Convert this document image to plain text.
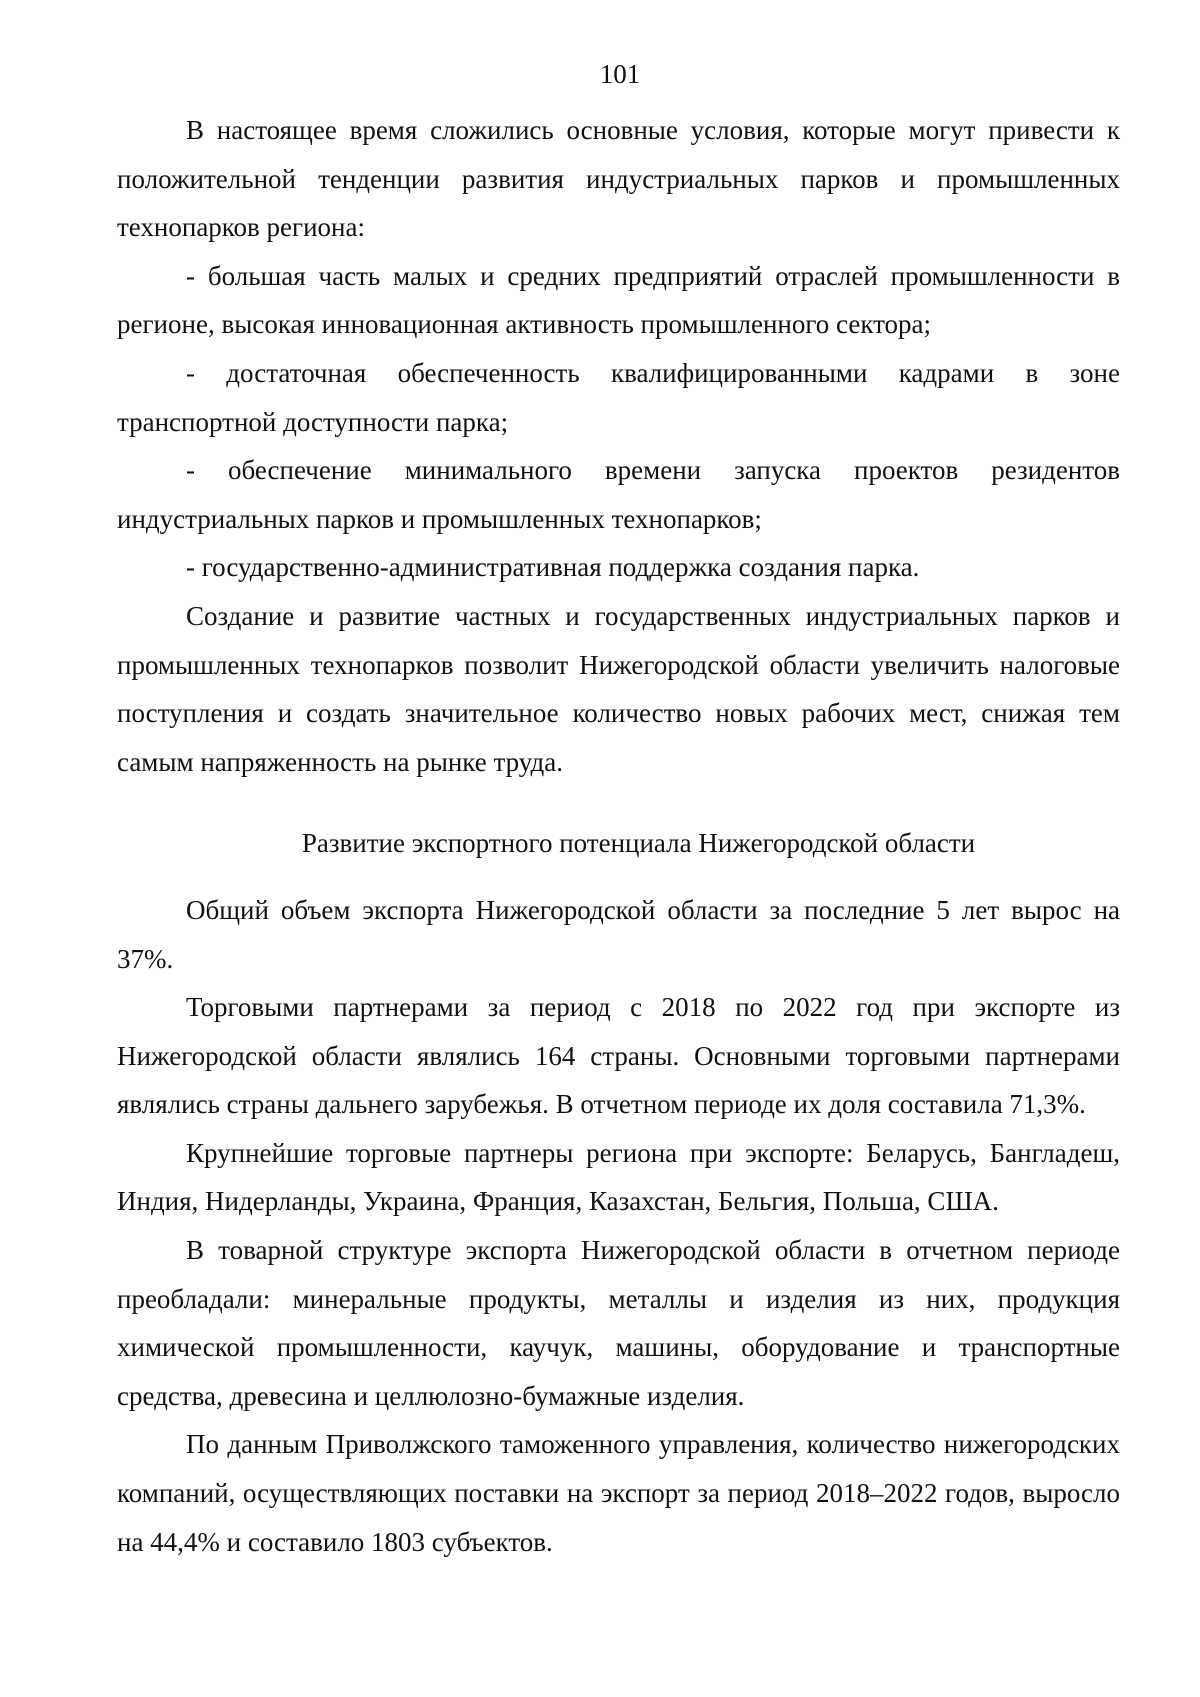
101

В настоящее время сложились основные условия, которые могут привести к положительной тенденции развития индустриальных парков и промышленных технопарков региона:

- большая часть малых и средних предприятий отраслей промышленности в регионе, высокая инновационная активность промышленного сектора;

- достаточная обеспеченность квалифицированными кадрами в зоне транспортной доступности парка;

- обеспечение минимального времени запуска проектов резидентов индустриальных парков и промышленных технопарков;

- государственно-административная поддержка создания парка.

Создание и развитие частных и государственных индустриальных парков и промышленных технопарков позволит Нижегородской области увеличить налоговые поступления и создать значительное количество новых рабочих мест, снижая тем самым напряженность на рынке труда.

Развитие экспортного потенциала Нижегородской области

Общий объем экспорта Нижегородской области за последние 5 лет вырос на 37%.

Торговыми партнерами за период с 2018 по 2022 год при экспорте из Нижегородской области являлись 164 страны. Основными торговыми партнерами являлись страны дальнего зарубежья. В отчетном периоде их доля составила 71,3%.

Крупнейшие торговые партнеры региона при экспорте: Беларусь, Бангладеш, Индия, Нидерланды, Украина, Франция, Казахстан, Бельгия, Польша, США.

В товарной структуре экспорта Нижегородской области в отчетном периоде преобладали: минеральные продукты, металлы и изделия из них, продукция химической промышленности, каучук, машины, оборудование и транспортные средства, древесина и целлюлозно-бумажные изделия.

По данным Приволжского таможенного управления, количество нижегородских компаний, осуществляющих поставки на экспорт за период 2018–2022 годов, выросло на 44,4% и составило 1803 субъектов.
